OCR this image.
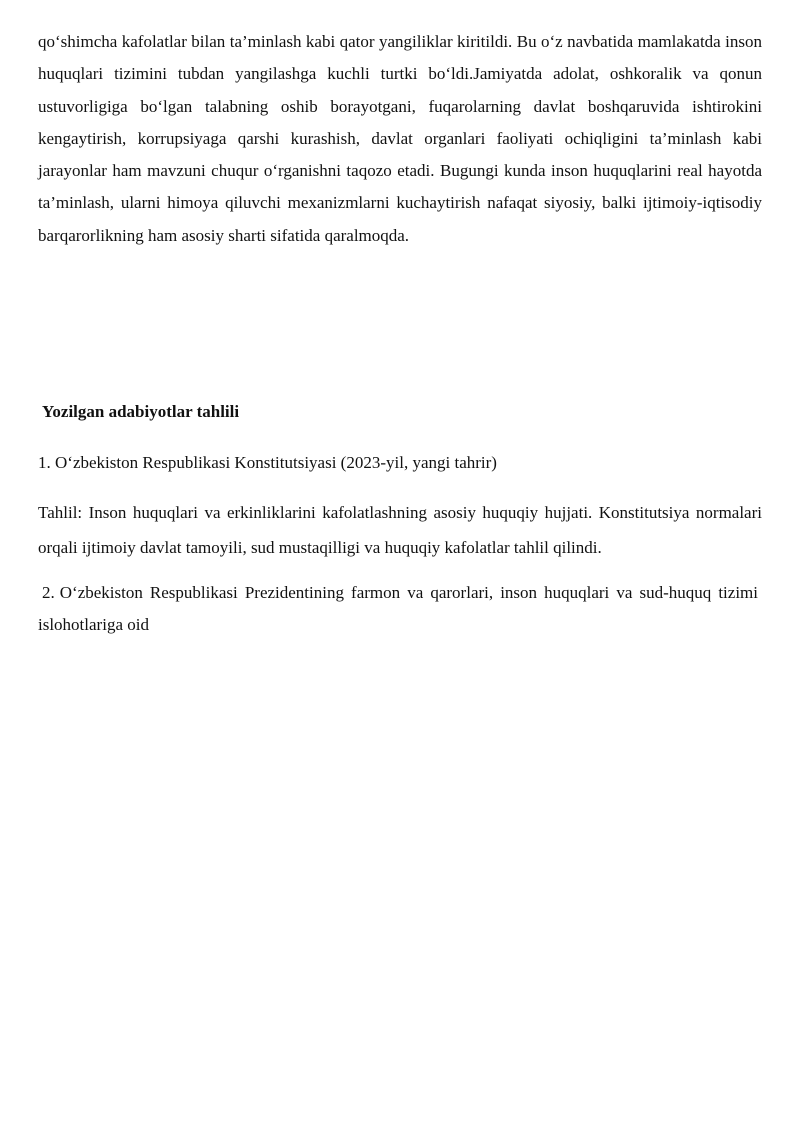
qo‘shimcha kafolatlar bilan ta’minlash kabi qator yangiliklar kiritildi. Bu o‘z navbatida mamlakatda inson huquqlari tizimini tubdan yangilashga kuchli turtki bo‘ldi.Jamiyatda adolat, oshkoralik va qonun ustuvorligiga bo‘lgan talabning oshib borayotgani, fuqarolarning davlat boshqaruvida ishtirokini kengaytirish, korrupsiyaga qarshi kurashish, davlat organlari faoliyati ochiqligini ta’minlash kabi jarayonlar ham mavzuni chuqur o‘rganishni taqozo etadi. Bugungi kunda inson huquqlarini real hayotda ta’minlash, ularni himoya qiluvchi mexanizmlarni kuchaytirish nafaqat siyosiy, balki ijtimoiy-iqtisodiy barqarorlikning ham asosiy sharti sifatida qaralmoqda.

Yozilgan adabiyotlar tahlili

1. O‘zbekiston Respublikasi Konstitutsiyasi (2023-yil, yangi tahrir)

Tahlil: Inson huquqlari va erkinliklarini kafolatlashning asosiy huquqiy hujjati. Konstitutsiya normalari orqali ijtimoiy davlat tamoyili, sud mustaqilligi va huquqiy kafolatlar tahlil qilindi.

2. O‘zbekiston Respublikasi Prezidentining farmon va qarorlari, inson huquqlari va sud-huquq tizimi islohotlariga oid
